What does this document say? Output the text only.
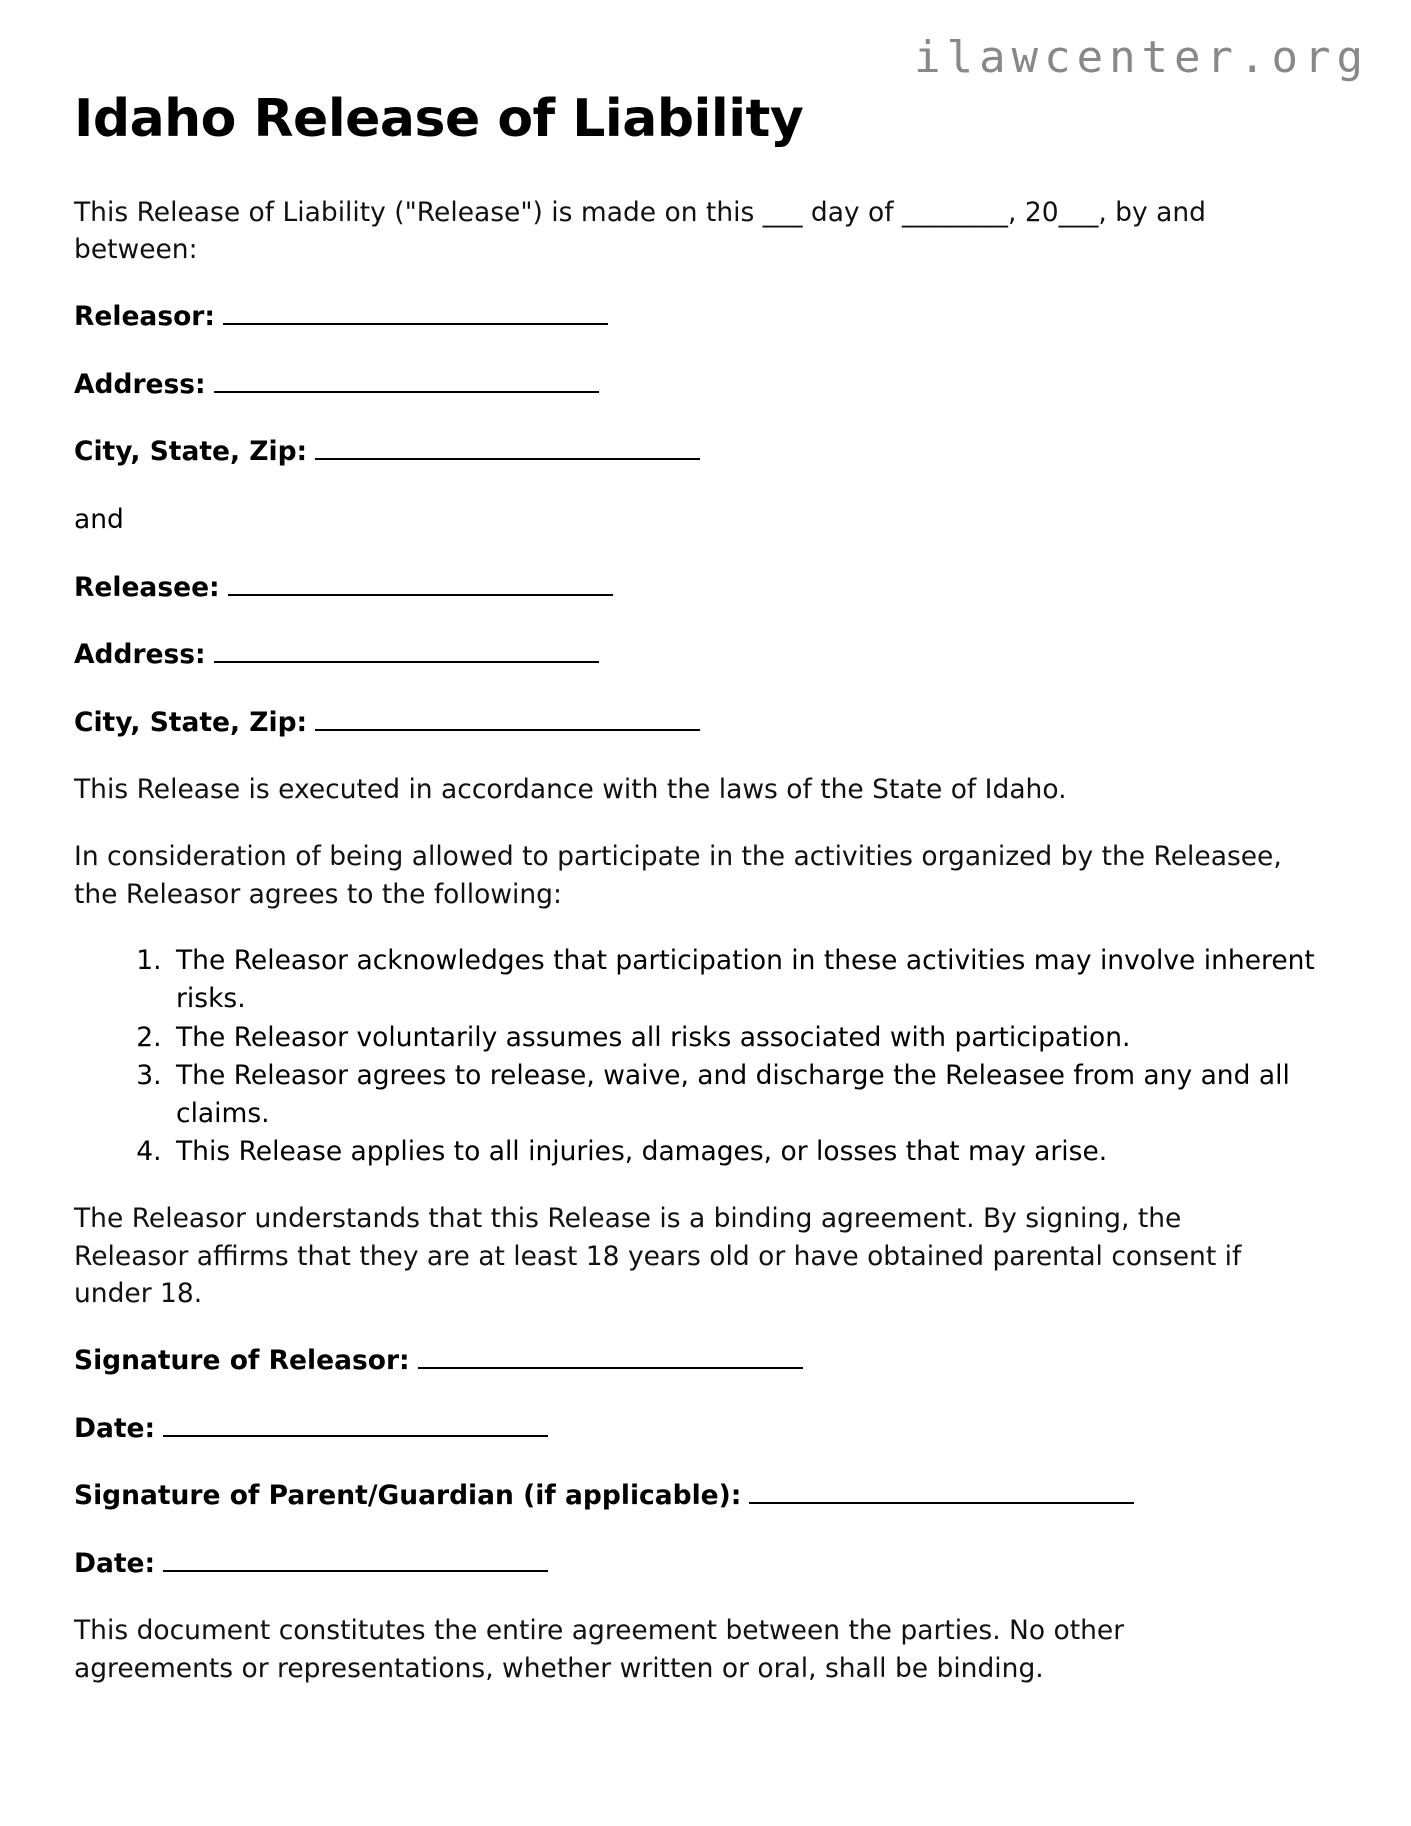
ilawcenter.org
Idaho Release of Liability

This Release of Liability ("Release") is made on this ___ day of ________, 20___, by and between:

Releasor:
Address:
City, State, Zip:
and
Releasee:
Address:
City, State, Zip:

This Release is executed in accordance with the laws of the State of Idaho.

In consideration of being allowed to participate in the activities organized by the Releasee, the Releasor agrees to the following:

1. The Releasor acknowledges that participation in these activities may involve inherent risks.
2. The Releasor voluntarily assumes all risks associated with participation.
3. The Releasor agrees to release, waive, and discharge the Releasee from any and all claims.
4. This Release applies to all injuries, damages, or losses that may arise.

The Releasor understands that this Release is a binding agreement. By signing, the Releasor affirms that they are at least 18 years old or have obtained parental consent if under 18.

Signature of Releasor:
Date:
Signature of Parent/Guardian (if applicable):
Date:

This document constitutes the entire agreement between the parties. No other agreements or representations, whether written or oral, shall be binding.
